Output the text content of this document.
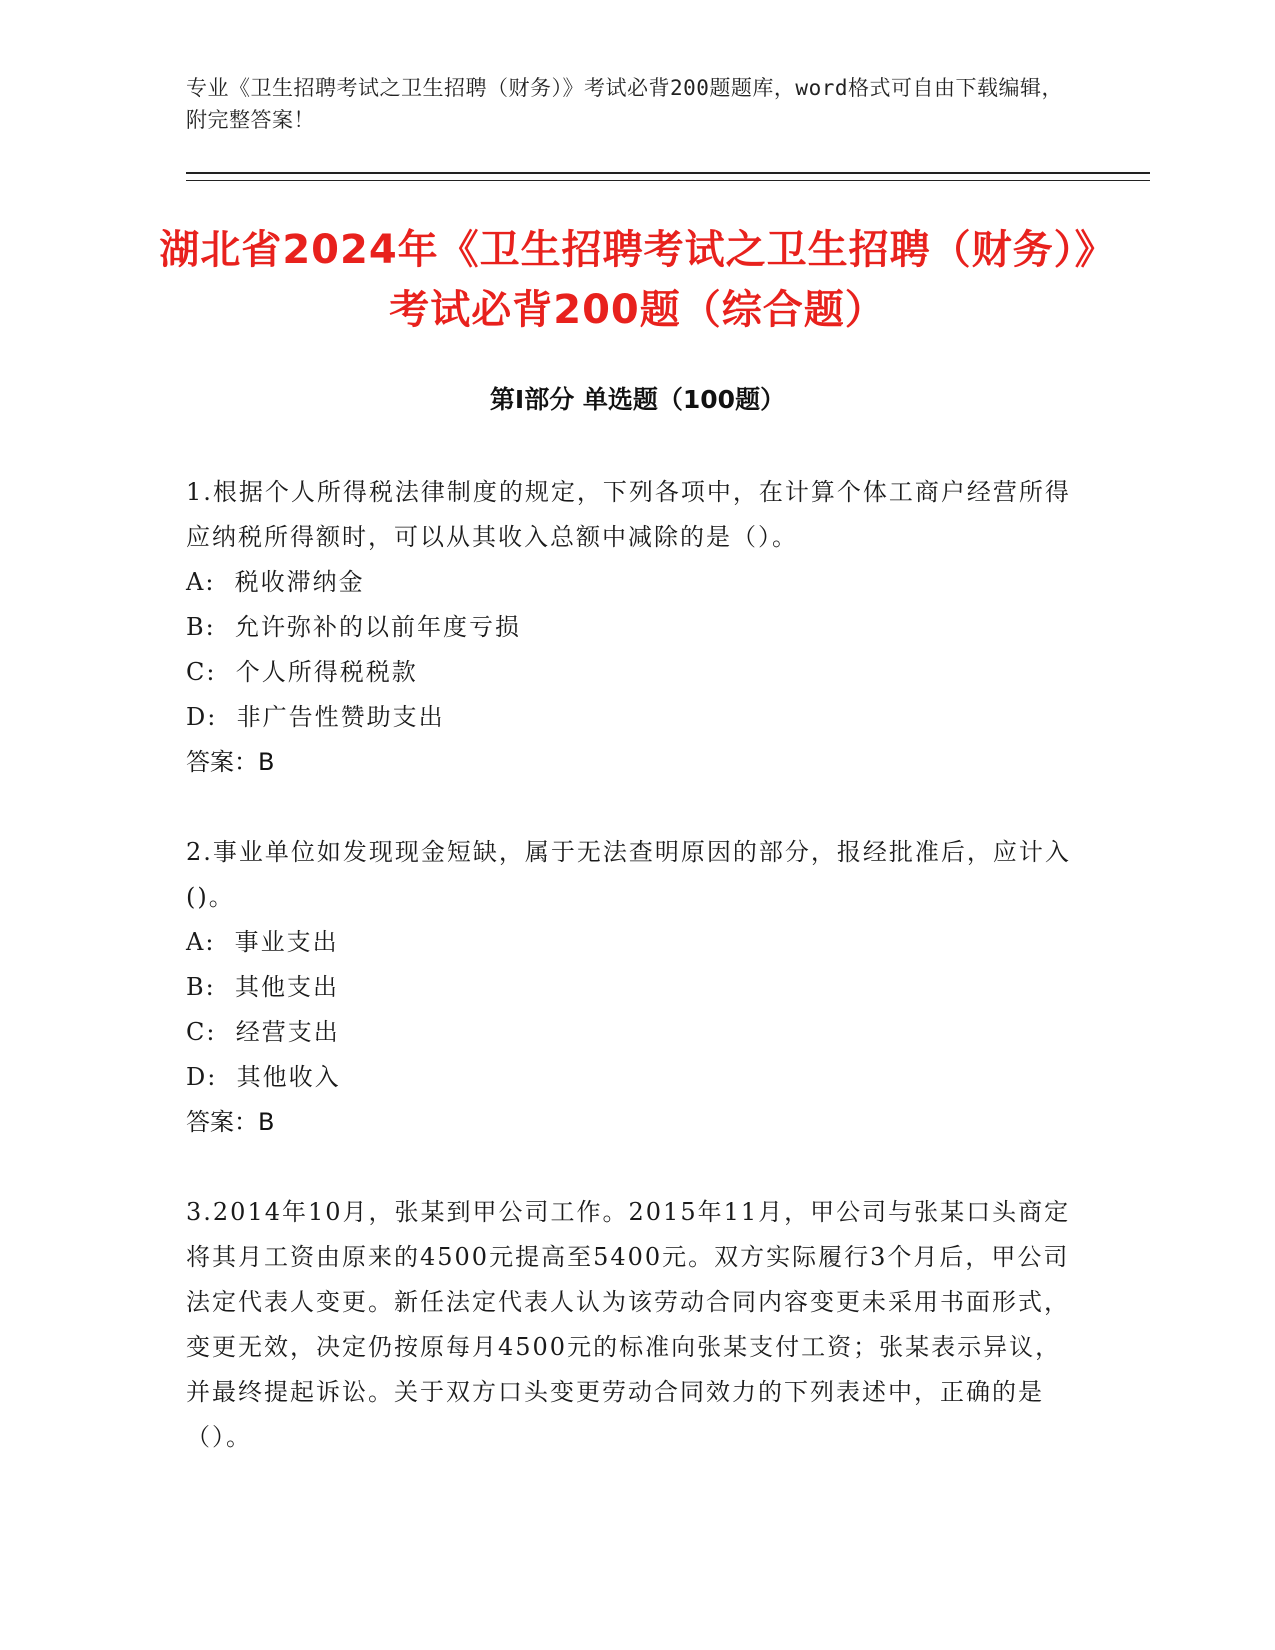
专业《卫生招聘考试之卫生招聘（财务）》考试必背200题题库，word格式可自由下载编辑，附完整答案！
湖北省2024年《卫生招聘考试之卫生招聘（财务）》考试必背200题（综合题）
第Ⅰ部分 单选题（100题）

1.根据个人所得税法律制度的规定，下列各项中，在计算个体工商户经营所得应纳税所得额时，可以从其收入总额中减除的是（）。

A:  税收滞纳金

B:  允许弥补的以前年度亏损

C:  个人所得税税款

D:  非广告性赞助支出

答案：B

2.事业单位如发现现金短缺，属于无法查明原因的部分，报经批准后，应计入()。

A:  事业支出

B:  其他支出

C:  经营支出

D:  其他收入

答案：B

3.2014年10月，张某到甲公司工作。2015年11月，甲公司与张某口头商定将其月工资由原来的4500元提高至5400元。双方实际履行3个月后，甲公司法定代表人变更。新任法定代表人认为该劳动合同内容变更未采用书面形式，变更无效，决定仍按原每月4500元的标准向张某支付工资；张某表示异议，并最终提起诉讼。关于双方口头变更劳动合同效力的下列表述中，正确的是（）。
